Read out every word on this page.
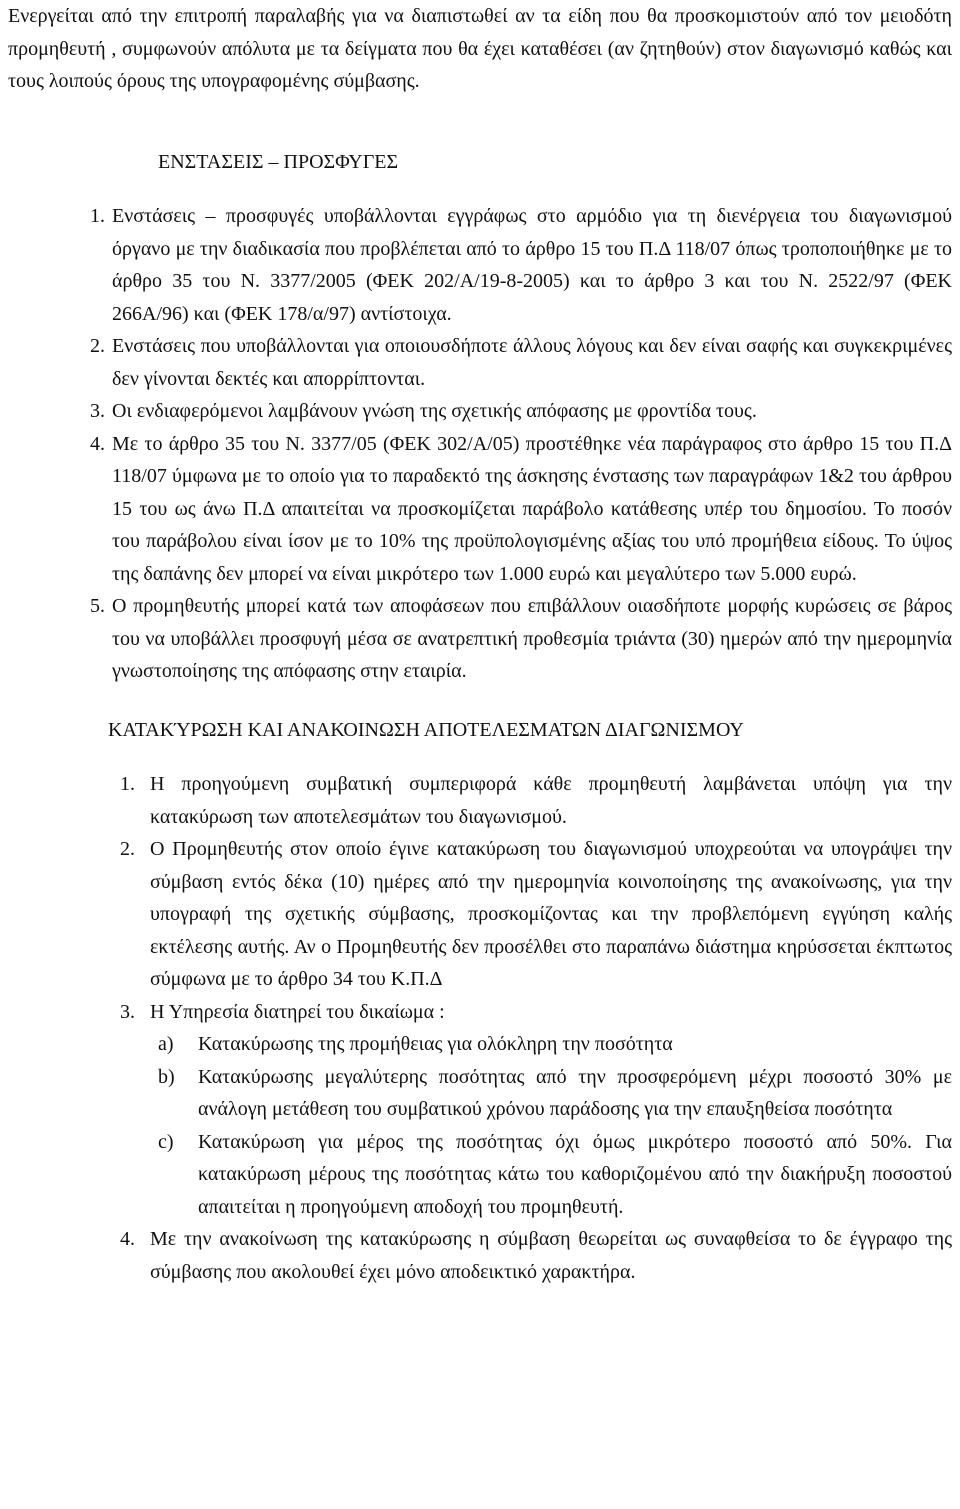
Ενεργείται από την επιτροπή παραλαβής για να διαπιστωθεί αν τα είδη που θα προσκομιστούν από τον μειοδότη προμηθευτή , συμφωνούν απόλυτα με τα δείγματα που θα έχει καταθέσει (αν ζητηθούν) στον διαγωνισμό καθώς και τους λοιπούς όρους της υπογραφομένης σύμβασης.

ΕΝΣΤΑΣΕΙΣ – ΠΡΟΣΦΥΓΕΣ
1. Ενστάσεις – προσφυγές υποβάλλονται εγγράφως στο αρμόδιο για τη διενέργεια του διαγωνισμού όργανο με την διαδικασία που προβλέπεται από το άρθρο 15 του Π.Δ 118/07 όπως τροποποιήθηκε με το άρθρο 35 του Ν. 3377/2005 (ΦΕΚ 202/Α/19-8-2005) και το άρθρο 3 και του Ν. 2522/97 (ΦΕΚ 266Α/96) και (ΦΕΚ 178/α/97) αντίστοιχα.
2. Ενστάσεις που υποβάλλονται για οποιουσδήποτε άλλους λόγους και δεν είναι σαφής και συγκεκριμένες δεν γίνονται δεκτές και απορρίπτονται.
3. Οι ενδιαφερόμενοι λαμβάνουν γνώση της σχετικής απόφασης με φροντίδα τους.
4. Με το άρθρο 35 του Ν. 3377/05 (ΦΕΚ 302/Α/05) προστέθηκε νέα παράγραφος στο άρθρο 15 του Π.Δ 118/07 ύμφωνα με το οποίο για το παραδεκτό της άσκησης ένστασης των παραγράφων 1&2 του άρθρου 15 του ως άνω Π.Δ απαιτείται να προσκομίζεται παράβολο κατάθεσης υπέρ του δημοσίου. Το ποσόν του παράβολου είναι ίσον με το 10% της προϋπολογισμένης αξίας του υπό προμήθεια είδους. Το ύψος της δαπάνης δεν μπορεί να είναι μικρότερο των 1.000 ευρώ και μεγαλύτερο των 5.000 ευρώ.
5. Ο προμηθευτής μπορεί κατά των αποφάσεων που επιβάλλουν οιασδήποτε μορφής κυρώσεις σε βάρος του να υποβάλλει προσφυγή μέσα σε ανατρεπτική προθεσμία τριάντα (30) ημερών από την ημερομηνία γνωστοποίησης της απόφασης στην εταιρία.
ΚΑΤΑΚΎΡΩΣΗ ΚΑΙ ΑΝΑΚΟΙΝΩΣΗ ΑΠΟΤΕΛΕΣΜΑΤΩΝ ΔΙΑΓΩΝΙΣΜΟΥ
1. Η προηγούμενη συμβατική συμπεριφορά κάθε προμηθευτή λαμβάνεται υπόψη για την κατακύρωση των αποτελεσμάτων του διαγωνισμού.
2. Ο Προμηθευτής στον οποίο έγινε κατακύρωση του διαγωνισμού υποχρεούται να υπογράψει την σύμβαση εντός δέκα (10) ημέρες από την ημερομηνία κοινοποίησης της ανακοίνωσης, για την υπογραφή της σχετικής σύμβασης, προσκομίζοντας και την προβλεπόμενη εγγύηση καλής εκτέλεσης αυτής. Αν ο Προμηθευτής δεν προσέλθει στο παραπάνω διάστημα κηρύσσεται έκπτωτος σύμφωνα με το άρθρο 34 του Κ.Π.Δ
3. Η Υπηρεσία διατηρεί του δικαίωμα :
a) Κατακύρωσης της προμήθειας για ολόκληρη την ποσότητα
b) Κατακύρωσης μεγαλύτερης ποσότητας από την προσφερόμενη μέχρι ποσοστό 30% με ανάλογη μετάθεση του συμβατικού χρόνου παράδοσης για την επαυξηθείσα ποσότητα
c) Κατακύρωση για μέρος της ποσότητας όχι όμως μικρότερο ποσοστό από 50%. Για κατακύρωση μέρους της ποσότητας κάτω του καθοριζομένου από την διακήρυξη ποσοστού απαιτείται η προηγούμενη αποδοχή του προμηθευτή.
4. Με την ανακοίνωση της κατακύρωσης η σύμβαση θεωρείται ως συναφθείσα το δε έγγραφο της σύμβασης που ακολουθεί έχει μόνο αποδεικτικό χαρακτήρα.
